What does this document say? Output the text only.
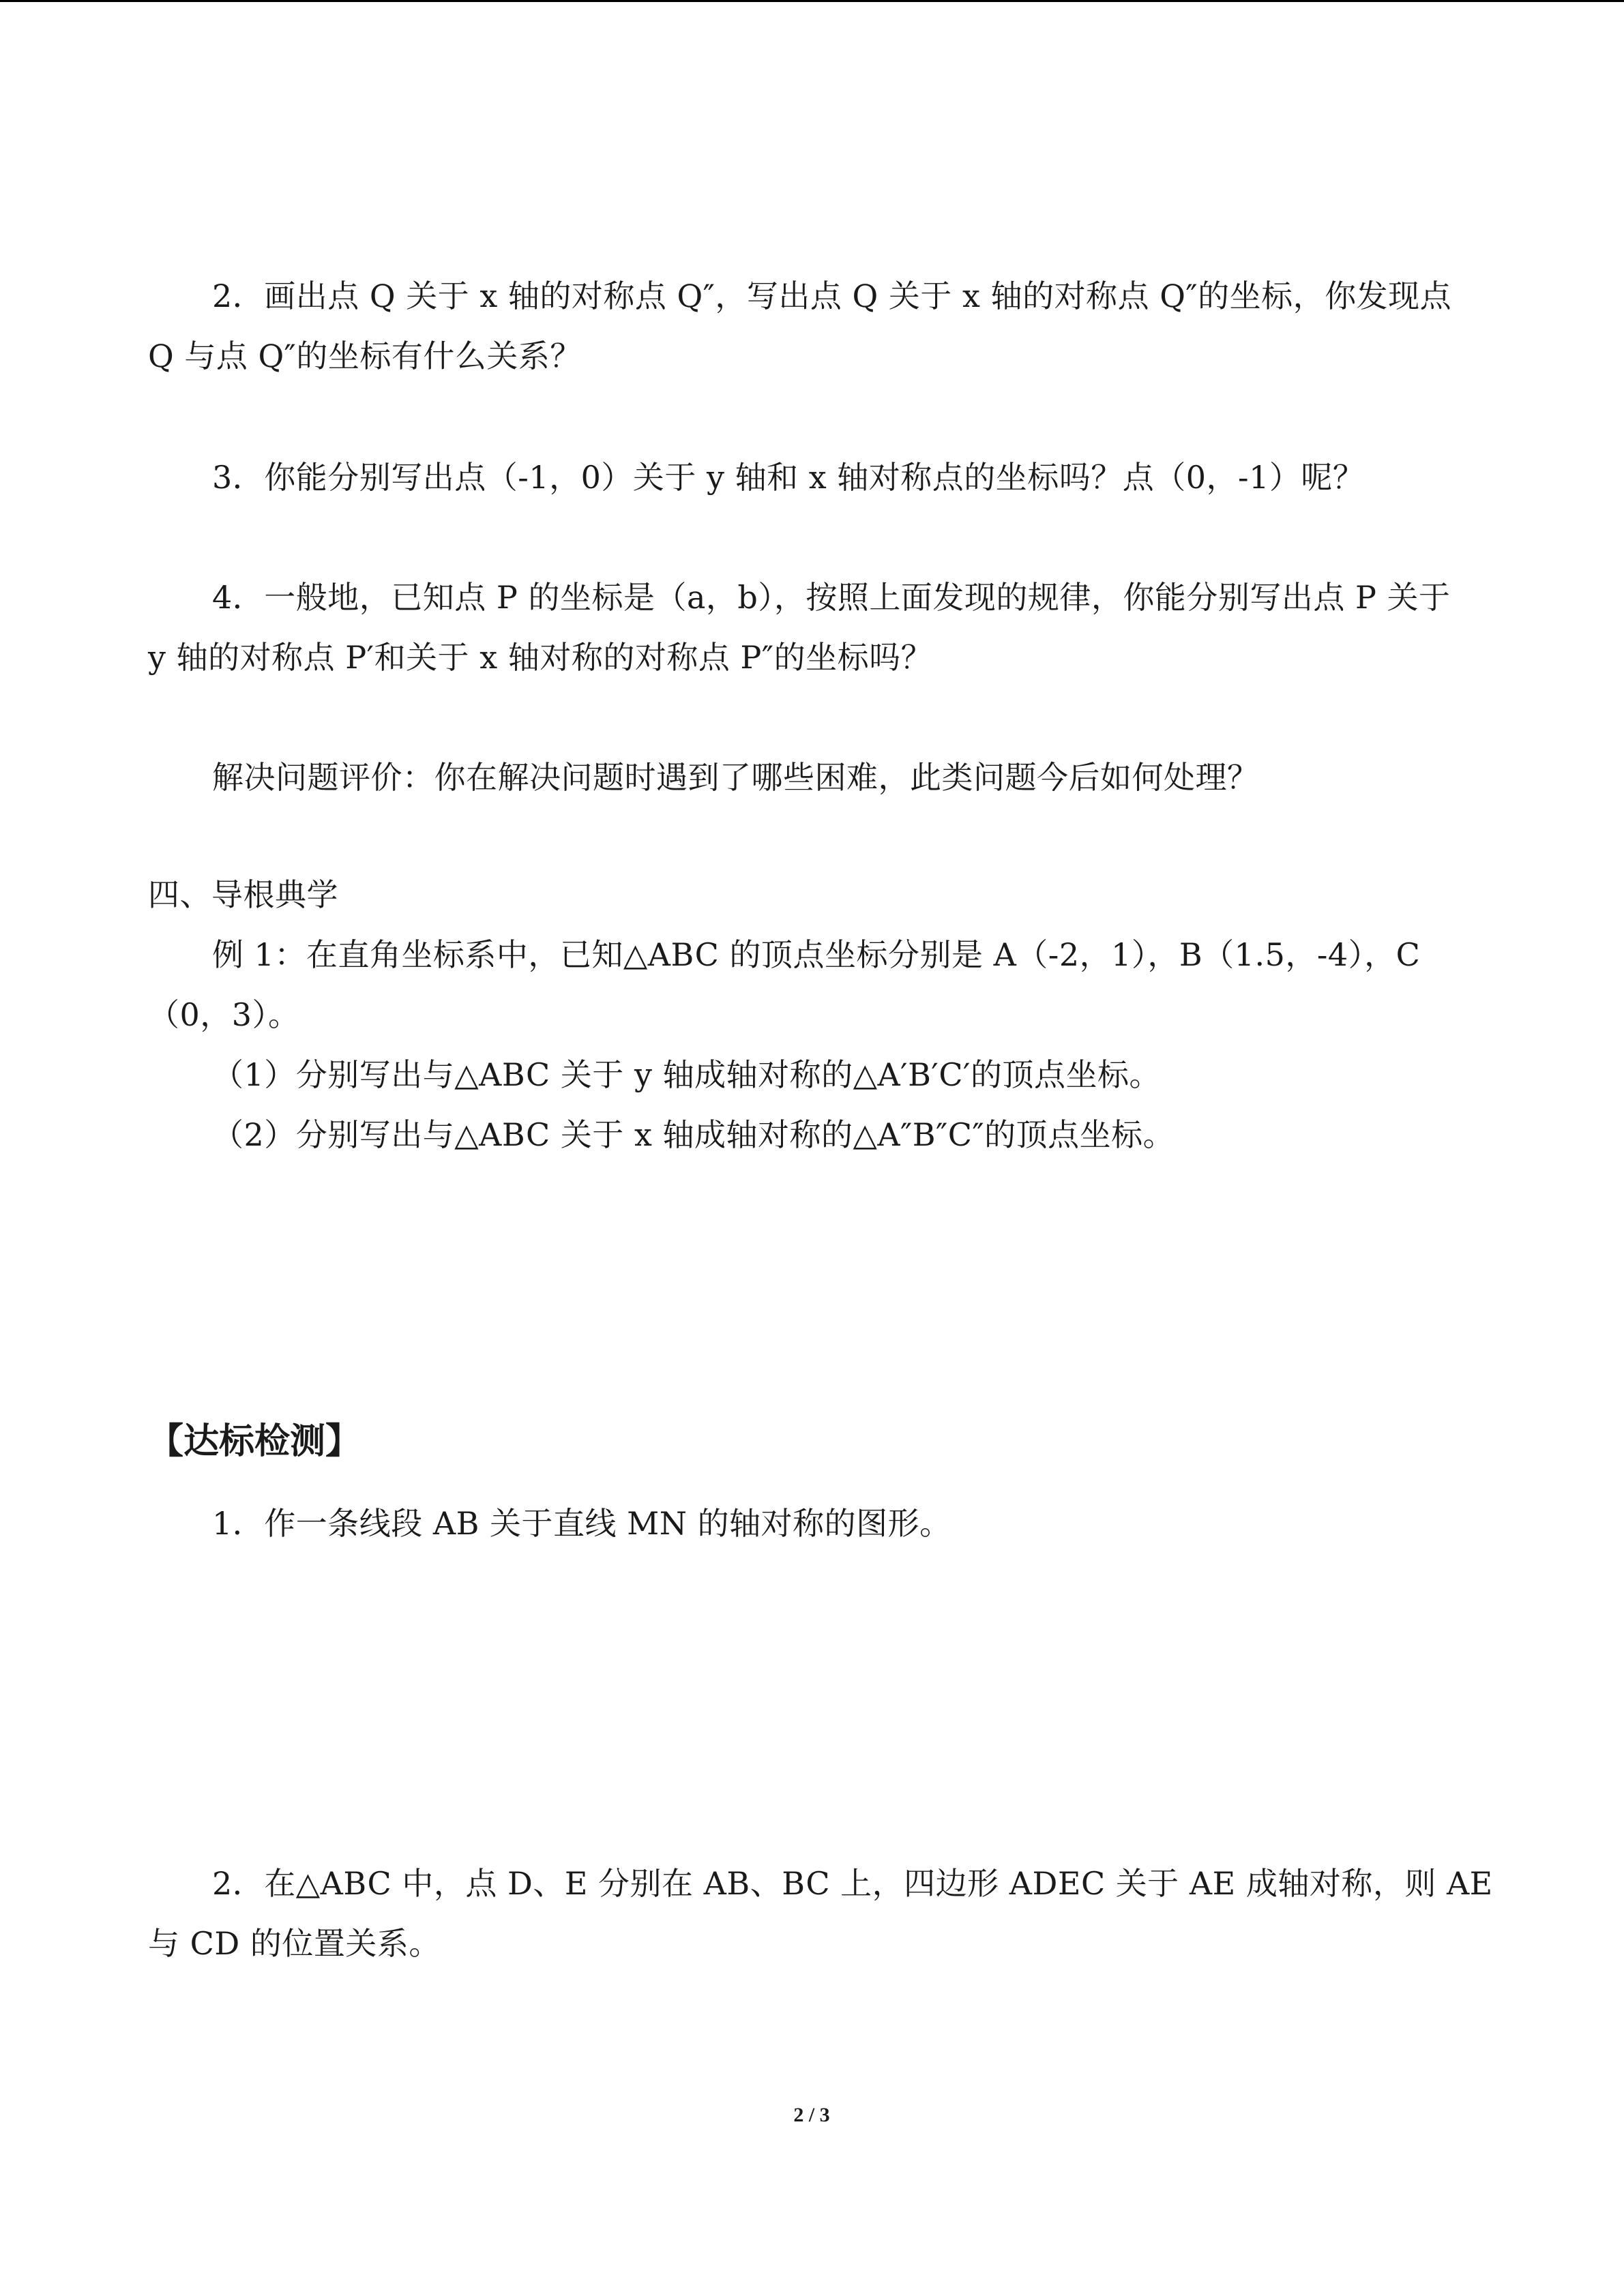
2．画出点 Q 关于 x 轴的对称点 Q″，写出点 Q 关于 x 轴的对称点 Q″的坐标，你发现点
Q 与点 Q″的坐标有什么关系？
3．你能分别写出点（-1，0）关于 y 轴和 x 轴对称点的坐标吗？点（0，-1）呢？
4．一般地，已知点 P 的坐标是（a，b），按照上面发现的规律，你能分别写出点 P 关于
y 轴的对称点 P′和关于 x 轴对称的对称点 P″的坐标吗？
解决问题评价：你在解决问题时遇到了哪些困难，此类问题今后如何处理？
四、导根典学
例 1：在直角坐标系中，已知△ABC 的顶点坐标分别是 A（-2，1），B（1.5，-4），C
（0，3）。
（1）分别写出与△ABC 关于 y 轴成轴对称的△A′B′C′的顶点坐标。
（2）分别写出与△ABC 关于 x 轴成轴对称的△A″B″C″的顶点坐标。
【达标检测】
1．作一条线段 AB 关于直线 MN 的轴对称的图形。
2．在△ABC 中，点 D、E 分别在 AB、BC 上，四边形 ADEC 关于 AE 成轴对称，则 AE
与 CD 的位置关系。
2 / 3
